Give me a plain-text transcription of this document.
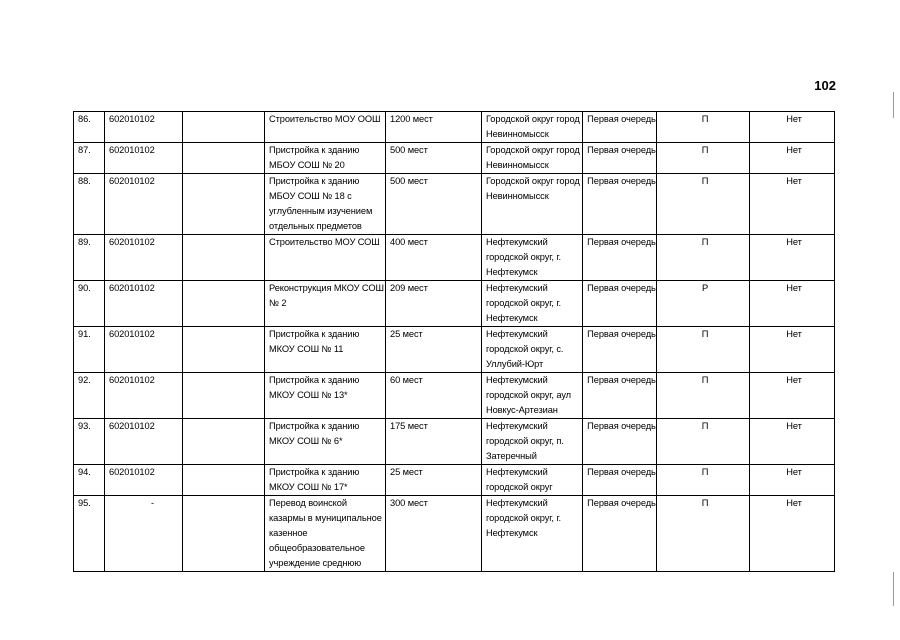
102
86.	602010102		Строительство МОУ ООШ	1200 мест	Городской округ город Невинномысск	Первая очередь	П	Нет
87.	602010102		Пристройка к зданию МБОУ СОШ № 20	500 мест	Городской округ город Невинномысск	Первая очередь	П	Нет
88.	602010102		Пристройка к зданию МБОУ СОШ № 18 с углубленным изучением отдельных предметов	500 мест	Городской округ город Невинномысск	Первая очередь	П	Нет
89.	602010102		Строительство МОУ СОШ	400 мест	Нефтекумский городской округ, г. Нефтекумск	Первая очередь	П	Нет
90.	602010102		Реконструкция МКОУ СОШ № 2	209 мест	Нефтекумский городской округ, г. Нефтекумск	Первая очередь	Р	Нет
91.	602010102		Пристройка к зданию МКОУ СОШ № 11	25 мест	Нефтекумский городской округ, с. Уллубий-Юрт	Первая очередь	П	Нет
92.	602010102		Пристройка к зданию МКОУ СОШ № 13*	60 мест	Нефтекумский городской округ, аул Новкус-Артезиан	Первая очередь	П	Нет
93.	602010102		Пристройка к зданию МКОУ СОШ № 6*	175 мест	Нефтекумский городской округ, п. Затеречный	Первая очередь	П	Нет
94.	602010102		Пристройка к зданию МКОУ СОШ № 17*	25 мест	Нефтекумский городской округ	Первая очередь	П	Нет
95.	-		Перевод воинской казармы в муниципальное казенное общеобразовательное учреждение среднюю	300 мест	Нефтекумский городской округ, г. Нефтекумск	Первая очередь	П	Нет
